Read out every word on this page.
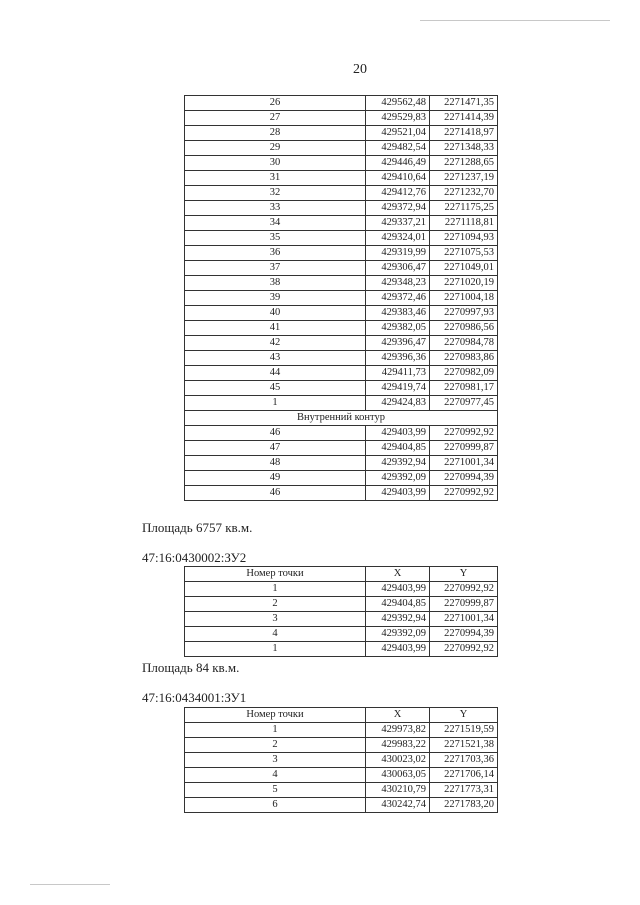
20
26	429562,48	2271471,35
27	429529,83	2271414,39
28	429521,04	2271418,97
29	429482,54	2271348,33
30	429446,49	2271288,65
31	429410,64	2271237,19
32	429412,76	2271232,70
33	429372,94	2271175,25
34	429337,21	2271118,81
35	429324,01	2271094,93
36	429319,99	2271075,53
37	429306,47	2271049,01
38	429348,23	2271020,19
39	429372,46	2271004,18
40	429383,46	2270997,93
41	429382,05	2270986,56
42	429396,47	2270984,78
43	429396,36	2270983,86
44	429411,73	2270982,09
45	429419,74	2270981,17
1	429424,83	2270977,45
Внутренний контур		
46	429403,99	2270992,92
47	429404,85	2270999,87
48	429392,94	2271001,34
49	429392,09	2270994,39
46	429403,99	2270992,92
Площадь 6757 кв.м.
47:16:0430002:ЗУ2
Номер точки	X	Y
1	429403,99	2270992,92
2	429404,85	2270999,87
3	429392,94	2271001,34
4	429392,09	2270994,39
1	429403,99	2270992,92
Площадь 84 кв.м.
47:16:0434001:ЗУ1
Номер точки	X	Y
1	429973,82	2271519,59
2	429983,22	2271521,38
3	430023,02	2271703,36
4	430063,05	2271706,14
5	430210,79	2271773,31
6	430242,74	2271783,20
